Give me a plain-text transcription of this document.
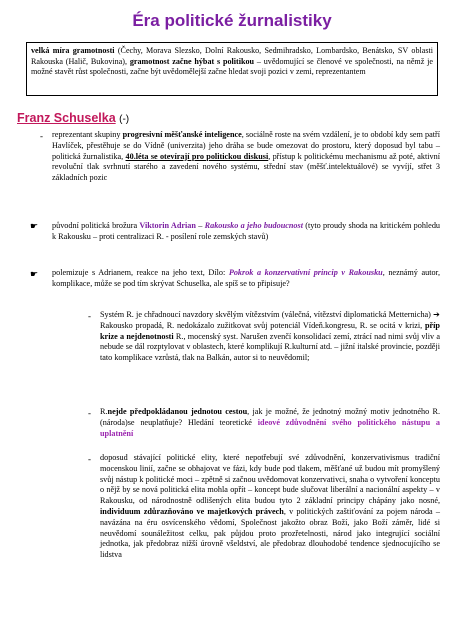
Éra politické žurnalistiky
velká míra gramotnosti (Čechy, Morava Slezsko, Dolní Rakousko, Sedmihradsko, Lombardsko, Benátsko, SV oblasti Rakouska (Halič, Bukovina), gramotnost začne hýbat s politikou – uvědomující se členové ve společnosti, na němž je možné stavět růst společnosti, začne být uvědomělejší začne hledat svoji pozici v zemi, reprezentantem
Franz Schuselka (-)
- reprezentant skupiny progresivní měšťanské inteligence, sociálně roste na svém vzdálení, je to období kdy sem patří Havlíček, přestěhuje se do Vídně (univerzita) jeho dráha se bude omezovat do prostoru, který doposud byl tabu – politická žurnalistika, 40.léta se otevírají pro politickou diskusi, přístup k politickému mechanismu až poté, aktivní revoluční tlak svrhnutí starého a zavedení nového systému, střední stav (měšť.intelektuálové) se vyvíjí, střet 3 základních pozic
☛ původní politická brožura Viktorin Adrian – Rakousko a jeho budoucnost (tyto proudy shoda na kritickém pohledu k Rakousku – proti centralizaci R. - posílení role zemských stavů)
☛ polemizuje s Adrianem, reakce na jeho text, Dílo: Pokrok a konzervativní princip v Rakousku, neznámý autor, komplikace, může se pod tím skrývat Schuselka, ale spíš se to připisuje?
- Systém R. je chřadnoucí navzdory skvělým vítězstvím (válečná, vítězství diplomatická Metternicha) ➔ Rakousko propadá, R. nedokázalo zužitkovat svůj potenciál Vídeň.kongresu, R. se ocitá v krizi, příp krize a nejdenotnosti R., mocenský syst. Narušen zvenčí konsolidací zemí, ztrácí nad nimi svůj vliv a nebude se dál rozptylovat v oblastech, které komplikují R.kulturní atd. – jižní italské provincie, později tato komplikace vzrůstá, tlak na Balkán, autor si to neuvědomil;
- R.nejde předpokládanou jednotou cestou, jak je možné, že jednotný možný motiv jednotného R. (národa)se neuplatňuje? Hledání teoretické ideové zdůvodnění svého politického nástupu a uplatnění
- doposud stávající politické elity, které nepotřebují své zdůvodnění, konzervativismus tradiční mocenskou linií, začne se obhajovat ve fázi, kdy bude pod tlakem, měšťané už budou mít promyšlený svůj nástup k politické moci – zpětně si začnou uvědomovat konzervativci, snaha o vytvoření konceptu o nějž by se nová politická elita mohla opřít – koncept bude slučovat liberální a nacionální aspekty – v Rakousku, od národnostně odlišených elita budou tyto 2 základní principy chápány jako nosné, individuum zdůrazňováno ve majetkových právech, v politických zaštiťování za pojem národa – navázána na éru osvícenského vědomí, Společnost jakožto obraz Boží, jako Boží záměr, lidé si neuvědomí sounáležitost celku, pak půjdou proto prozřetelnosti, národ jako integrující sociální jednotka, jak předobraz nižší úrovně všeldství, ale předobraz dlouhodobé tendence sjednocujícího se lidstva
